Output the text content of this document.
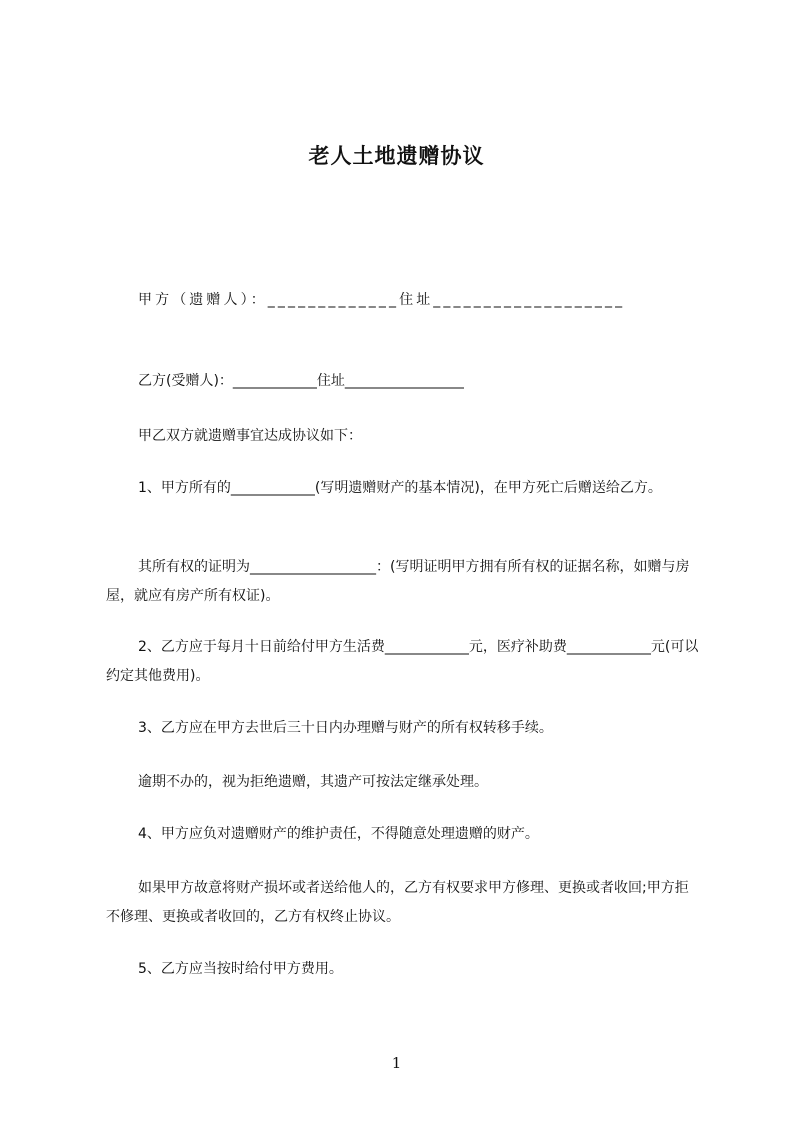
老人土地遗赠协议

甲方（遗赠人）：_____________住址___________________

乙方(受赠人)：____________住址_________________

甲乙双方就遗赠事宜达成协议如下：

1、甲方所有的____________(写明遗赠财产的基本情况)，在甲方死亡后赠送给乙方。

其所有权的证明为__________________：(写明证明甲方拥有所有权的证据名称，如赠与房屋，就应有房产所有权证)。

2、乙方应于每月十日前给付甲方生活费____________元，医疗补助费____________元(可以约定其他费用)。

3、乙方应在甲方去世后三十日内办理赠与财产的所有权转移手续。

逾期不办的，视为拒绝遗赠，其遗产可按法定继承处理。

4、甲方应负对遗赠财产的维护责任，不得随意处理遗赠的财产。

如果甲方故意将财产损坏或者送给他人的，乙方有权要求甲方修理、更换或者收回;甲方拒不修理、更换或者收回的，乙方有权终止协议。

5、乙方应当按时给付甲方费用。

1
